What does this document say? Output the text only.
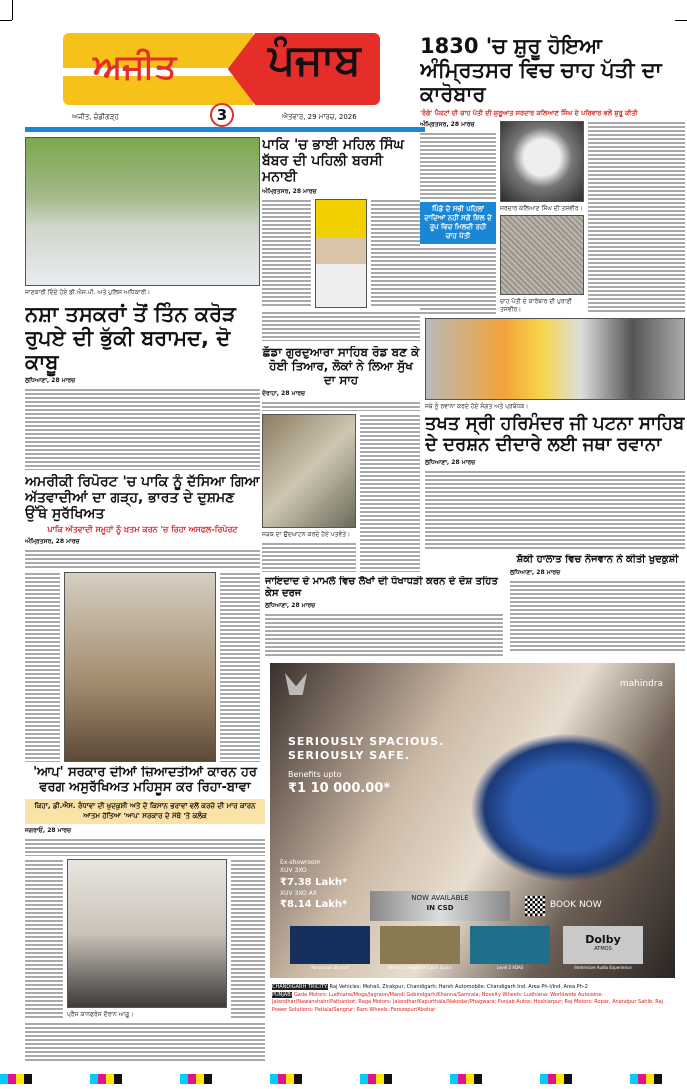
ਅਜੀਤ ਪੰਜਾਬ
ਅਜੀਤ, ਚੰਡੀਗੜ੍ਹ	3	ਐਤਵਾਰ, 29 ਮਾਰਚ, 2026
1830 'ਚ ਸ਼ੁਰੂ ਹੋਇਆ ਅੰਮ੍ਰਿਤਸਰ ਵਿਚ ਚਾਹ ਪੱਤੀ ਦਾ ਕਾਰੋਬਾਰ
'ਰੰਗੇ' ਪੈਕਟਾਂ ਦੀ ਚਾਹ ਪੱਤੀ ਦੀ ਸ਼ੁਰੂਆਤ ਸਰਦਾਰ ਕਲਿਆਣ ਸਿੰਘ ਦੇ ਪਰਿਵਾਰ ਵਲੋਂ ਸ਼ੁਰੂ ਕੀਤੀ
ਅੰਮ੍ਰਿਤਸਰ, 28 ਮਾਰਚ
ਪਿੰਡੇ ਦੇ ਸਭੀ ਪਹਿਲਾਂ ਦਾਦਿਆਂ ਨਹੀਂ ਸਗੋਂ ਸ਼ਿਲ ਦੇ ਰੂਪ ਵਿਚ ਮਿਲਦੀ ਰਹੀ ਚਾਹ ਪੱਤੀ
ਸਰਦਾਰ ਕਲਿਆਣ ਸਿੰਘ ਦੀ ਤਸਵੀਰ।
ਚਾਹ ਪੱਤੀ ਦੇ ਕਾਰੋਬਾਰ ਦੀ ਪੁਰਾਣੀ ਤਸਵੀਰ।
ਜਾਣਕਾਰੀ ਦਿੰਦੇ ਹੋਏ ਡੀ.ਐਸ.ਪੀ. ਅਤੇ ਪੁਲਿਸ ਅਧਿਕਾਰੀ।
ਪਾਕਿ 'ਚ ਭਾਈ ਮਹਿਲ ਸਿੰਘ ਬੱਬਰ ਦੀ ਪਹਿਲੀ ਬਰਸੀ ਮਨਾਈ
ਅੰਮ੍ਰਿਤਸਰ, 28 ਮਾਰਚ
ਨਸ਼ਾ ਤਸਕਰਾਂ ਤੋਂ ਤਿੰਨ ਕਰੋੜ ਰੁਪਏ ਦੀ ਭੁੱਕੀ ਬਰਾਮਦ, ਦੋ ਕਾਬੂ
ਲੁਧਿਆਣਾ, 28 ਮਾਰਚ
ਛੱਡਾ ਗੁਰਦੁਆਰਾ ਸਾਹਿਬ ਰੋਡ ਬਣ ਕੇ ਹੋਈ ਤਿਆਰ, ਲੋਕਾਂ ਨੇ ਲਿਆ ਸੁੱਖ ਦਾ ਸਾਹ
ਦੋਰਾਹਾ, 28 ਮਾਰਚ
ਸੜਕ ਦਾ ਉਦਘਾਟਨ ਕਰਦੇ ਹੋਏ ਪਤਵੰਤੇ।
ਜਥੇ ਨੂੰ ਰਵਾਨਾ ਕਰਦੇ ਹੋਏ ਸੰਗਤ ਅਤੇ ਪ੍ਰਬੰਧਕ।
ਤਖਤ ਸ੍ਰੀ ਹਰਿਮੰਦਰ ਜੀ ਪਟਨਾ ਸਾਹਿਬ ਦੇ ਦਰਸ਼ਨ ਦੀਦਾਰੇ ਲਈ ਜਥਾ ਰਵਾਨਾ
ਲੁਧਿਆਣਾ, 28 ਮਾਰਚ
ਸ਼ੱਕੀ ਹਾਲਾਤ ਵਿਚ ਨੌਜਵਾਨ ਨੇ ਕੀਤੀ ਖੁਦਕੁਸ਼ੀ
ਲੁਧਿਆਣਾ, 28 ਮਾਰਚ
ਅਮਰੀਕੀ ਰਿਪੋਰਟ 'ਚ ਪਾਕਿ ਨੂੰ ਦੱਸਿਆ ਗਿਆ ਅੱਤਵਾਦੀਆਂ ਦਾ ਗੜ੍ਹ, ਭਾਰਤ ਦੇ ਦੁਸ਼ਮਣ ਉੱਥੇ ਸੁਰੱਖਿਅਤ
ਪਾਕਿ ਅੱਤਵਾਦੀ ਸਮੂਹਾਂ ਨੂੰ ਖ਼ਤਮ ਕਰਨ 'ਚ ਰਿਹਾ ਅਸਫਲ-ਰਿਪੋਰਟ
ਅੰਮ੍ਰਿਤਸਰ, 28 ਮਾਰਚ
ਜਾਇਦਾਦ ਦੇ ਮਾਮਲੇ ਵਿਚ ਲੱਖਾਂ ਦੀ ਧੋਖਾਧੜੀ ਕਰਨ ਦੇ ਦੋਸ਼ ਤਹਿਤ ਕੇਸ ਦਰਜ
ਲੁਧਿਆਣਾ, 28 ਮਾਰਚ
'ਆਪ' ਸਰਕਾਰ ਦੀਆਂ ਜ਼ਿਆਦਤੀਆਂ ਕਾਰਨ ਹਰ ਵਰਗ ਅਸੁਰੱਖਿਅਤ ਮਹਿਸੂਸ ਕਰ ਰਿਹਾ-ਬਾਵਾ
ਕਿਹਾ, ਡੀ.ਐਸ. ਰੰਧਾਵਾ ਦੀ ਖੁਦਕੁਸ਼ੀ ਅਤੇ ਦੋ ਕਿਸਾਨ ਭਰਾਵਾਂ ਵਲੋਂ ਕਰਜ਼ੇ ਦੀ ਮਾਰ ਕਾਰਨ ਆਤਮ ਹੱਤਿਆ 'ਆਪ' ਸਰਕਾਰ ਦੇ ਮੱਥੇ 'ਤੇ ਕਲੰਕ
ਜਗਰਾਓਂ, 28 ਮਾਰਚ
ਪ੍ਰੈਸ ਕਾਨਫਰੰਸ ਦੌਰਾਨ ਆਗੂ।
mahindra
SERIOUSLY SPACIOUS.
SERIOUSLY SAFE.
Benefits upto
₹1 10 000.00*
Ex-showroom
XUV 3XO
₹7.38 Lakh*
XUV 3XO AX
₹8.14 Lakh*
NOW AVAILABLE
IN CSD	BOOK NOW
Dolby
ATMOS
Panoramic Skyroof	Widest in segment Cabin Space	Level 2 ADAS	Immersive Audio Experience
CHANDIGARH TRICITY: Raj Vehicles: Mohali, Zirakpur, Chandigarh; Harsh Automobile: Chandigarh Ind. Area Ph-I/Ind. Area Ph-2
PUNJAB: Gada Motors: Ludhiana/Moga/Jagraon/Mandi Gobindgarh/Khanna/Samrala; Novelty Wheels: Ludhiana; Worldwide Autozone: Jalandhar/Nawanshahr/Pathankot; Raga Motors: Jalandhar/Kapurthala/Nakodar/Phagwara; Punjab Autos: Hoshiarpur; Raj Motors: Ropar, Anandpur Sahib; Raj Power Solutions: Patiala/Sangrur; Ram Wheels: Ferozepur/Abohar
